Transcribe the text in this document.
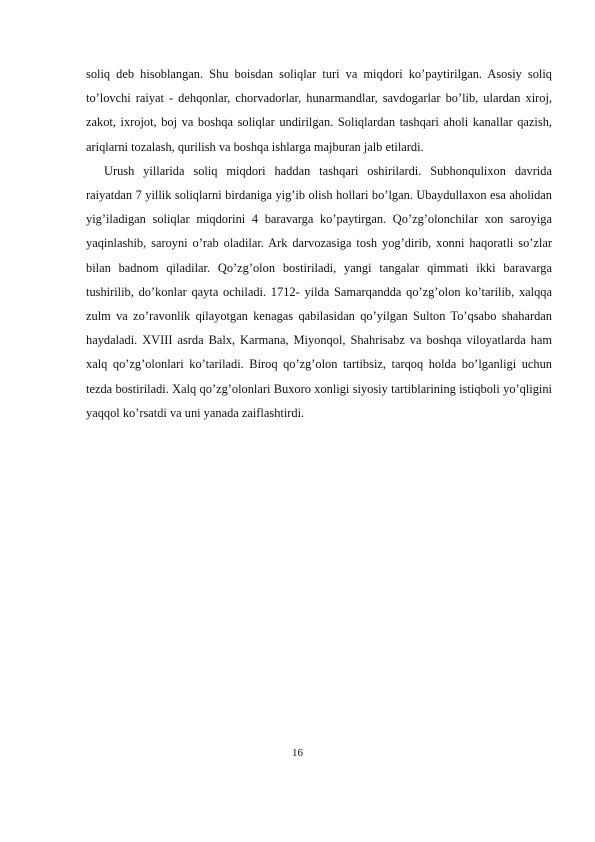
soliq deb hisoblangan. Shu boisdan soliqlar turi va miqdori ko’paytirilgan. Asosiy soliq to’lovchi raiyat - dehqonlar, chorvadorlar, hunarmandlar, savdogarlar bo’lib, ulardan xiroj, zakot, ixrojot, boj va boshqa soliqlar undirilgan. Soliqlardan tashqari aholi kanallar qazish, ariqlarni tozalash, qurilish va boshqa ishlarga majburan jalb etilardi.

Urush yillarida soliq miqdori haddan tashqari oshirilardi. Subhonqulixon davrida raiyatdan 7 yillik soliqlarni birdaniga yig’ib olish hollari bo’lgan. Ubaydullaxon esa aholidan yig’iladigan soliqlar miqdorini 4 baravarga ko’paytirgan. Qo’zg’olonchilar xon saroyiga yaqinlashib, saroyni o’rab oladilar. Ark darvozasiga tosh yog’dirib, xonni haqoratli so’zlar bilan badnom qiladilar. Qo’zg’olon bostiriladi, yangi tangalar qimmati ikki baravarga tushirilib, do’konlar qayta ochiladi. 1712- yilda Samarqandda qo’zg’olon ko’tarilib, xalqqa zulm va zo’ravonlik qilayotgan kenagas qabilasidan qo’yilgan Sulton To’qsabo shahardan haydaladi. XVIII asrda Balx, Karmana, Miyonqol, Shahrisabz va boshqa viloyatlarda ham xalq qo’zg’olonlari ko’tariladi. Biroq qo’zg’olon tartibsiz, tarqoq holda bo’lganligi uchun tezda bostiriladi. Xalq qo’zg’olonlari Buxoro xonligi siyosiy tartiblarining istiqboli yo’qligini yaqqol ko’rsatdi va uni yanada zaiflashtirdi.

16
